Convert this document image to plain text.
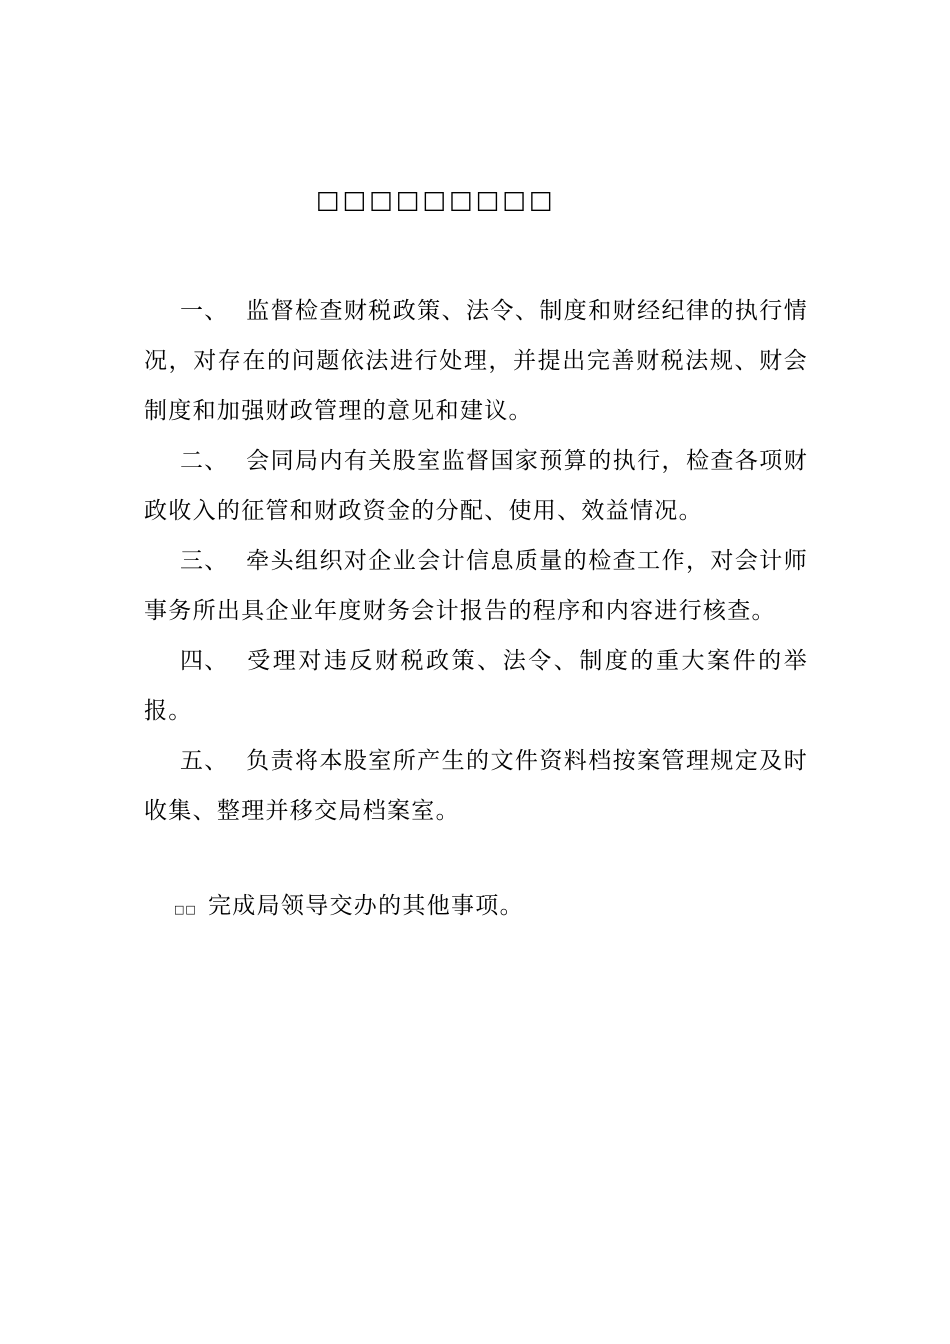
□□□□□□□□□

一、 监督检查财税政策、法令、制度和财经纪律的执行情况，对存在的问题依法进行处理，并提出完善财税法规、财会制度和加强财政管理的意见和建议。

二、 会同局内有关股室监督国家预算的执行，检查各项财政收入的征管和财政资金的分配、使用、效益情况。

三、 牵头组织对企业会计信息质量的检查工作，对会计师事务所出具企业年度财务会计报告的程序和内容进行核查。

四、 受理对违反财税政策、法令、制度的重大案件的举报。

五、 负责将本股室所产生的文件资料档按案管理规定及时收集、整理并移交局档案室。

□□ 完成局领导交办的其他事项。
